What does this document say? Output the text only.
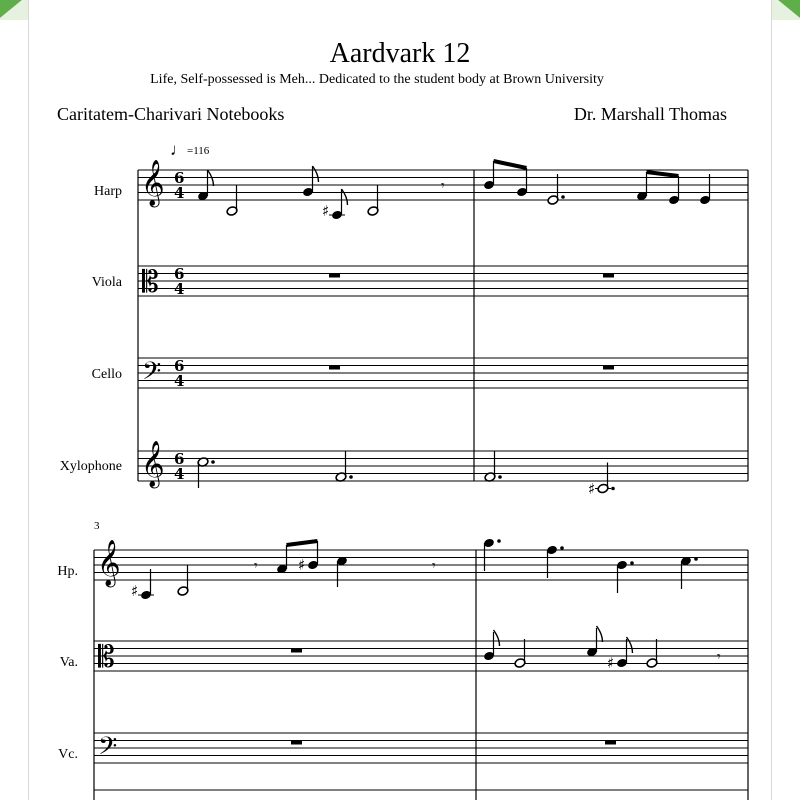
Aardvark 12
Life, Self-possessed is Meh... Dedicated to the student body at Brown University
Caritatem-Charivari Notebooks	Dr. Marshall Thomas
♩=116
Harp
Viola
Cello
Xylophone
3
Hp.
Va.
Vc.
𝄞
𝄡
𝄢
𝄞
𝄞
𝄡
𝄢
6
4
6
4
6
4
6
4
♯
𝄾
♯
♯
𝄾	♯	𝄾
♯	𝄾
